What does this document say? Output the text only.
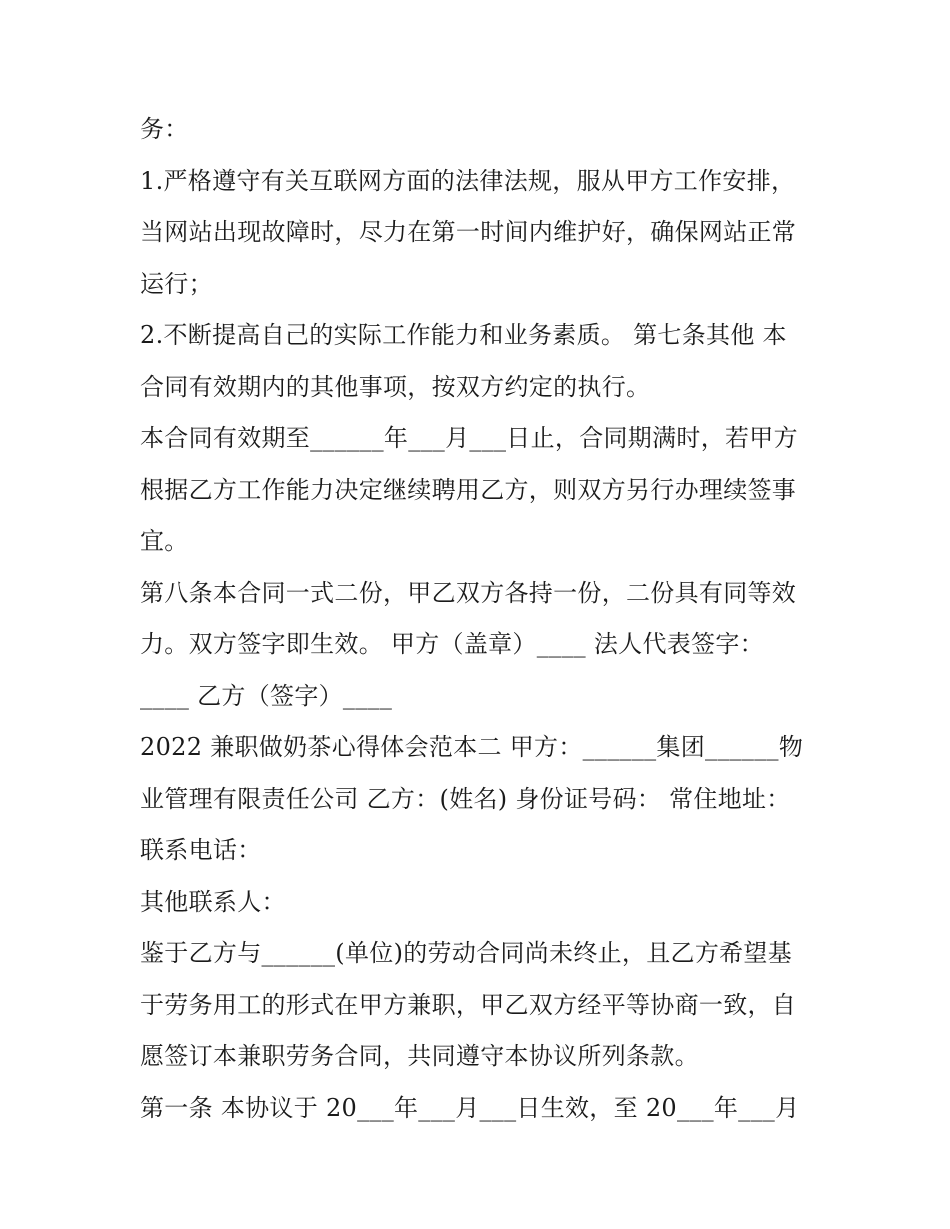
务：
1.严格遵守有关互联网方面的法律法规，服从甲方工作安排，
当网站出现故障时，尽力在第一时间内维护好，确保网站正常
运行；
2.不断提高自己的实际工作能力和业务素质。 第七条其他 本
合同有效期内的其他事项，按双方约定的执行。
本合同有效期至______年___月___日止，合同期满时，若甲方
根据乙方工作能力决定继续聘用乙方，则双方另行办理续签事
宜。
第八条本合同一式二份，甲乙双方各持一份，二份具有同等效
力。双方签字即生效。 甲方（盖章）____ 法人代表签字：
____ 乙方（签字）____
2022 兼职做奶茶心得体会范本二 甲方：______集团______物
业管理有限责任公司 乙方：(姓名) 身份证号码： 常住地址：
联系电话：
其他联系人：
鉴于乙方与______(单位)的劳动合同尚未终止，且乙方希望基
于劳务用工的形式在甲方兼职，甲乙双方经平等协商一致，自
愿签订本兼职劳务合同，共同遵守本协议所列条款。
第一条 本协议于 20___年___月___日生效，至 20___年___月
